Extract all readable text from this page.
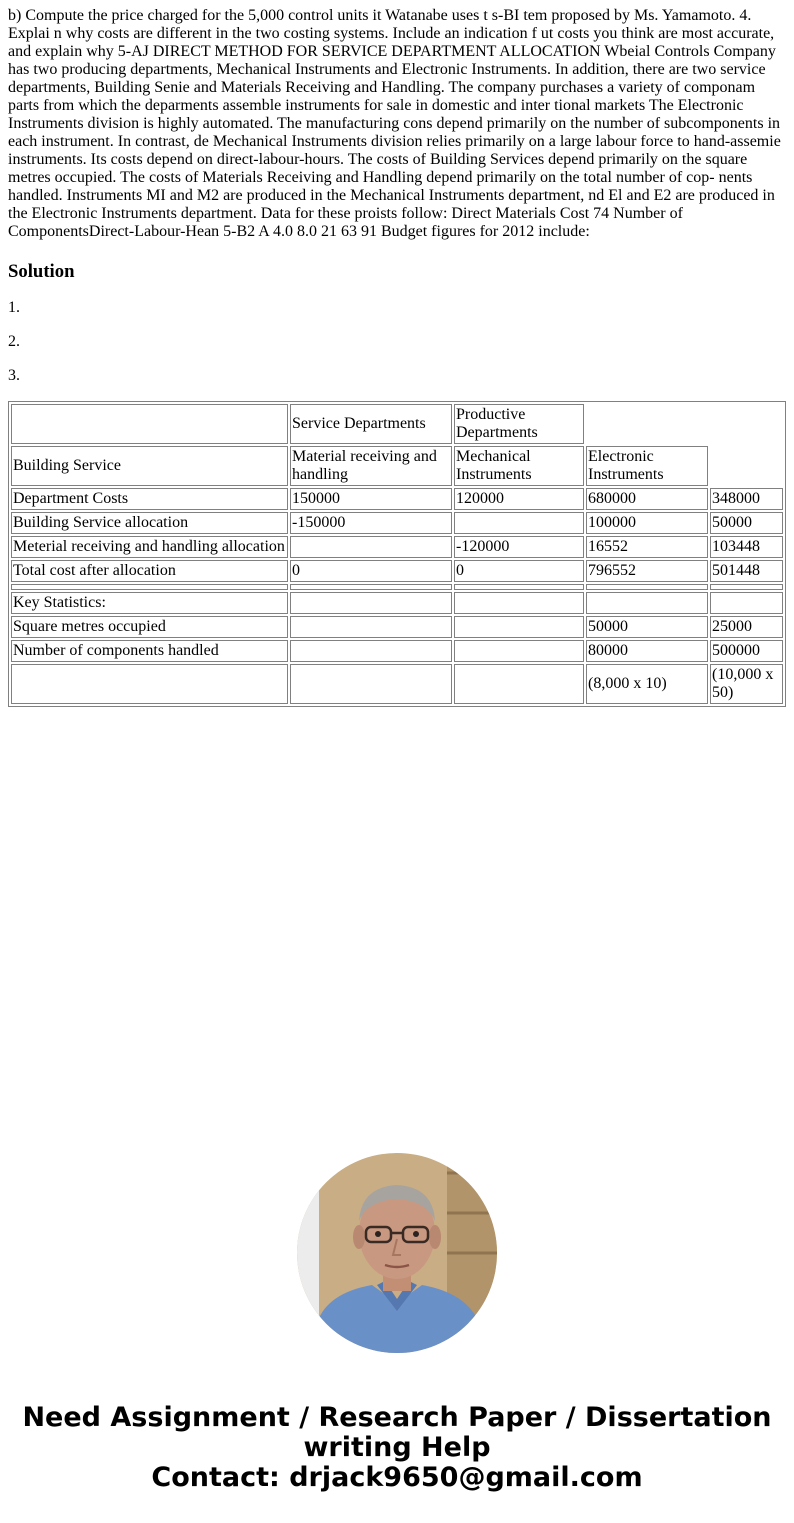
b) Compute the price charged for the 5,000 control units it Watanabe uses t s-BI tem proposed by Ms. Yamamoto. 4. Explai n why costs are different in the two costing systems. Include an indication f ut costs you think are most accurate, and explain why 5-AJ DIRECT METHOD FOR SERVICE DEPARTMENT ALLOCATION Wbeial Controls Company has two producing departments, Mechanical Instruments and Electronic Instruments. In addition, there are two service departments, Building Senie and Materials Receiving and Handling. The company purchases a variety of componam parts from which the deparments assemble instruments for sale in domestic and inter tional markets The Electronic Instruments division is highly automated. The manufacturing cons depend primarily on the number of subcomponents in each instrument. In contrast, de Mechanical Instruments division relies primarily on a large labour force to hand-assemie instruments. Its costs depend on direct-labour-hours. The costs of Building Services depend primarily on the square metres occupied. The costs of Materials Receiving and Handling depend primarily on the total number of cop- nents handled. Instruments MI and M2 are produced in the Mechanical Instruments department, nd El and E2 are produced in the Electronic Instruments department. Data for these proists follow: Direct Materials Cost 74 Number of ComponentsDirect-Labour-Hean 5-B2 A 4.0 8.0 21 63 91 Budget figures for 2012 include:

Solution

1.

2.

3.

	Service Departments	Productive Departments		
Building Service	Material receiving and handling	Mechanical Instruments	Electronic Instruments	
Department Costs	150000	120000	680000	348000
Building Service allocation	-150000		100000	50000
Meterial receiving and handling allocation		-120000	16552	103448
Total cost after allocation	0	0	796552	501448

Key Statistics:				
Square metres occupied			50000	25000
Number of components handled			80000	500000
			(8,000 x 10)	(10,000 x 50)
Need Assignment / Research Paper / Dissertation
writing Help
Contact: drjack9650@gmail.com
